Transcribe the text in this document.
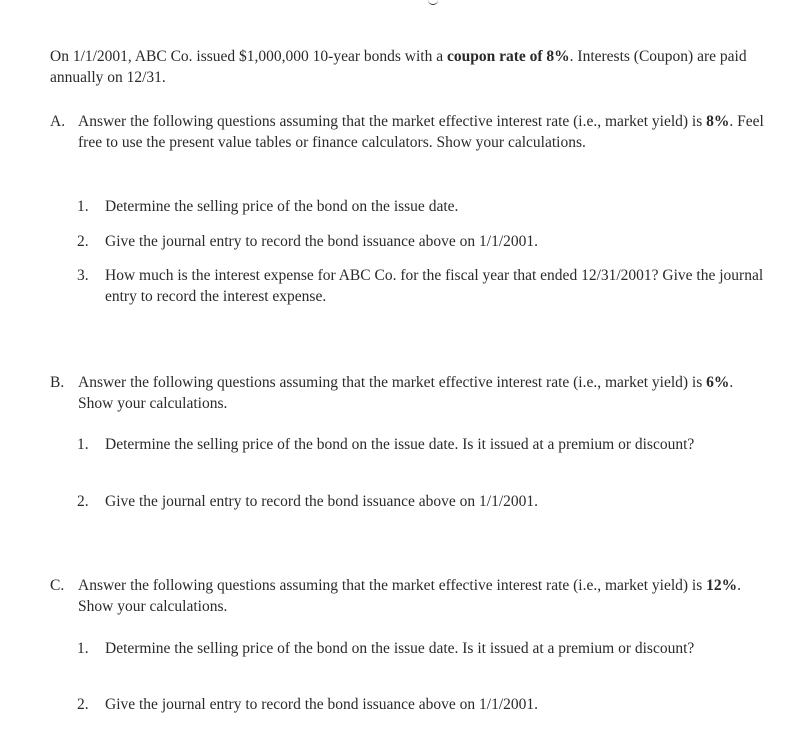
On 1/1/2001, ABC Co. issued $1,000,000 10-year bonds with a coupon rate of 8%. Interests (Coupon) are paid annually on 12/31.

A. Answer the following questions assuming that the market effective interest rate (i.e., market yield) is 8%. Feel free to use the present value tables or finance calculators. Show your calculations.

1. Determine the selling price of the bond on the issue date.

2. Give the journal entry to record the bond issuance above on 1/1/2001.

3. How much is the interest expense for ABC Co. for the fiscal year that ended 12/31/2001? Give the journal entry to record the interest expense.

B. Answer the following questions assuming that the market effective interest rate (i.e., market yield) is 6%. Show your calculations.

1. Determine the selling price of the bond on the issue date. Is it issued at a premium or discount?

2. Give the journal entry to record the bond issuance above on 1/1/2001.

C. Answer the following questions assuming that the market effective interest rate (i.e., market yield) is 12%. Show your calculations.

1. Determine the selling price of the bond on the issue date. Is it issued at a premium or discount?

2. Give the journal entry to record the bond issuance above on 1/1/2001.
